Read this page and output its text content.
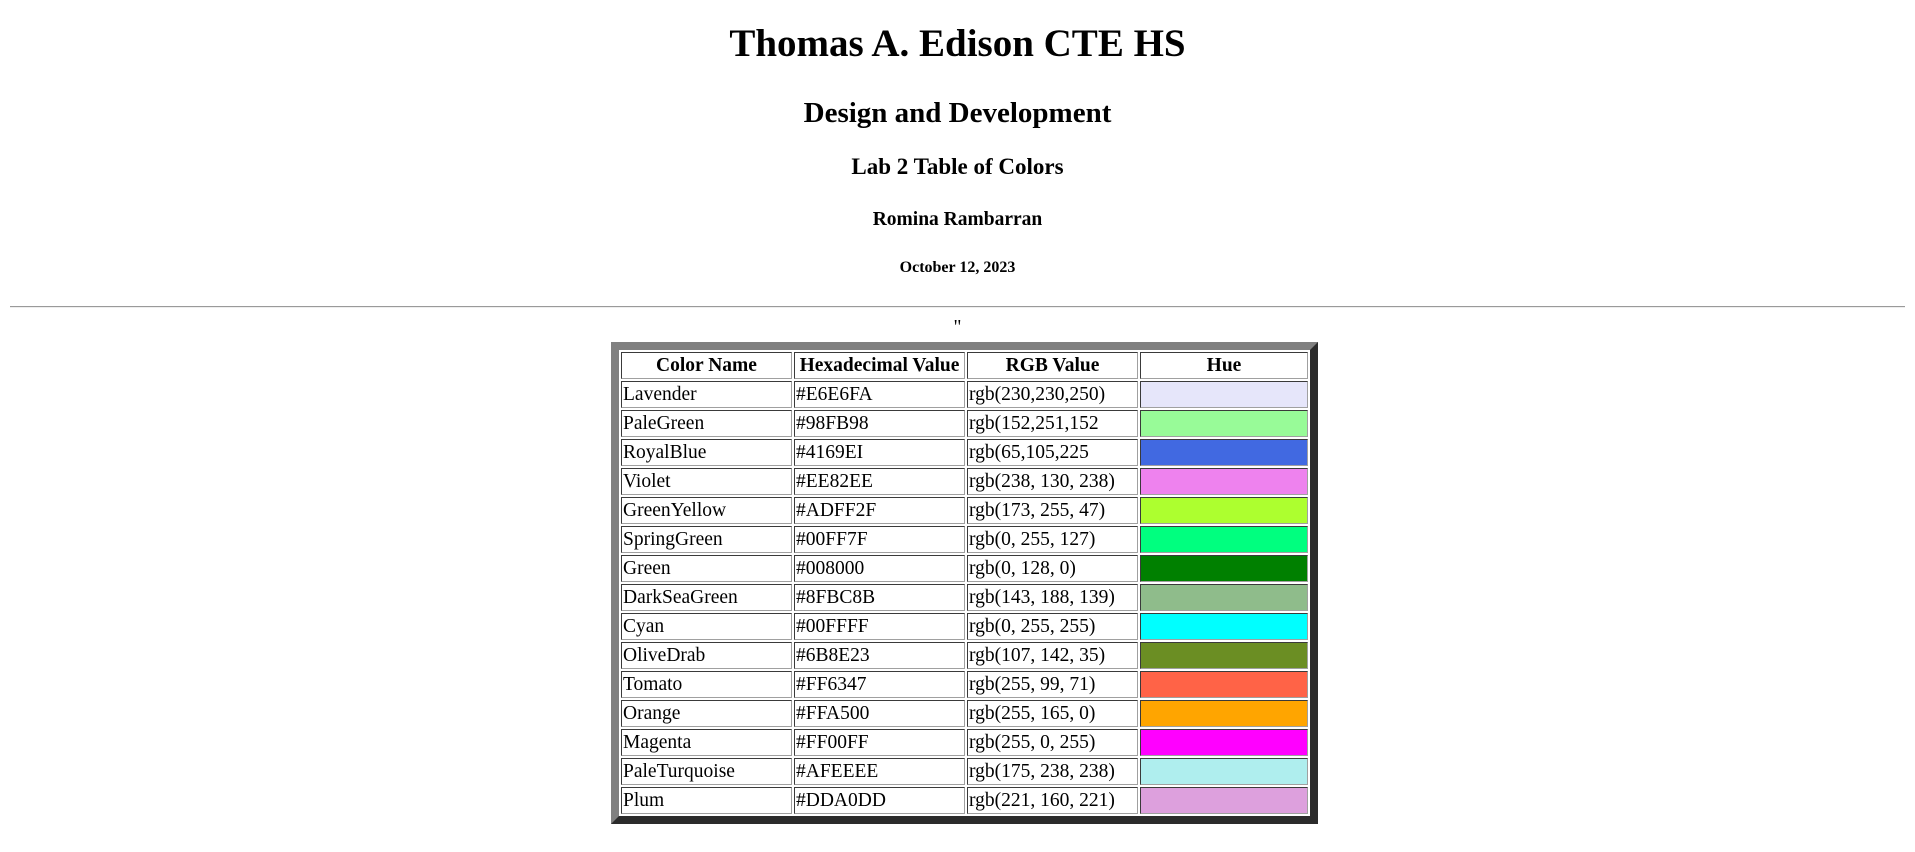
Thomas A. Edison CTE HS
Design and Development
Lab 2 Table of Colors
Romina Rambarran
October 12, 2023
"
Color Name	Hexadecimal Value	RGB Value	Hue
Lavender	#E6E6FA	rgb(230,230,250)	

PaleGreen	#98FB98	rgb(152,251,152	

RoyalBlue	#4169EI	rgb(65,105,225	

Violet	#EE82EE	rgb(238, 130, 238)	

GreenYellow	#ADFF2F	rgb(173, 255, 47)	

SpringGreen	#00FF7F	rgb(0, 255, 127)	

Green	#008000	rgb(0, 128, 0)	

DarkSeaGreen	#8FBC8B	rgb(143, 188, 139)	

Cyan	#00FFFF	rgb(0, 255, 255)	

OliveDrab	#6B8E23	rgb(107, 142, 35)	

Tomato	#FF6347	rgb(255, 99, 71)	

Orange	#FFA500	rgb(255, 165, 0)	

Magenta	#FF00FF	rgb(255, 0, 255)	

PaleTurquoise	#AFEEEE	rgb(175, 238, 238)	

Plum	#DDA0DD	rgb(221, 160, 221)	
